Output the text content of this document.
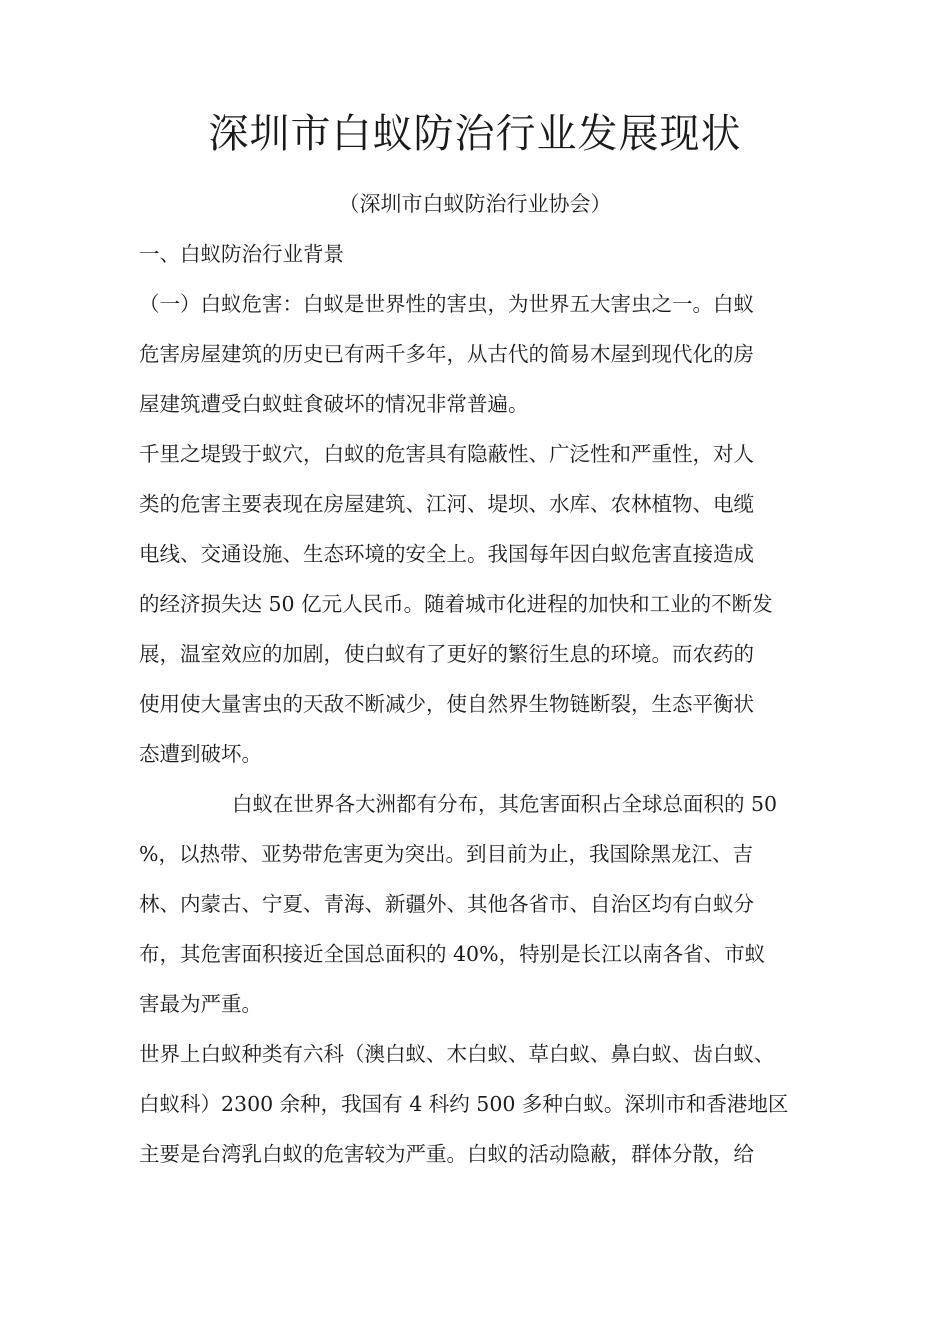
深圳市白蚁防治行业发展现状
（深圳市白蚁防治行业协会）
一、白蚁防治行业背景
（一）白蚁危害：白蚁是世界性的害虫，为世界五大害虫之一。白蚁
危害房屋建筑的历史已有两千多年，从古代的简易木屋到现代化的房
屋建筑遭受白蚁蛀食破坏的情况非常普遍。
千里之堤毁于蚁穴，白蚁的危害具有隐蔽性、广泛性和严重性，对人
类的危害主要表现在房屋建筑、江河、堤坝、水库、农林植物、电缆
电线、交通设施、生态环境的安全上。我国每年因白蚁危害直接造成
的经济损失达 50 亿元人民币。随着城市化进程的加快和工业的不断发
展，温室效应的加剧，使白蚁有了更好的繁衍生息的环境。而农药的
使用使大量害虫的天敌不断减少，使自然界生物链断裂，生态平衡状
态遭到破坏。
白蚁在世界各大洲都有分布，其危害面积占全球总面积的 50
%，以热带、亚势带危害更为突出。到目前为止，我国除黑龙江、吉
林、内蒙古、宁夏、青海、新疆外、其他各省市、自治区均有白蚁分
布，其危害面积接近全国总面积的 40%，特别是长江以南各省、市蚁
害最为严重。
世界上白蚁种类有六科（澳白蚁、木白蚁、草白蚁、鼻白蚁、齿白蚁、
白蚁科）2300 余种，我国有 4 科约 500 多种白蚁。深圳市和香港地区
主要是台湾乳白蚁的危害较为严重。白蚁的活动隐蔽，群体分散，给
